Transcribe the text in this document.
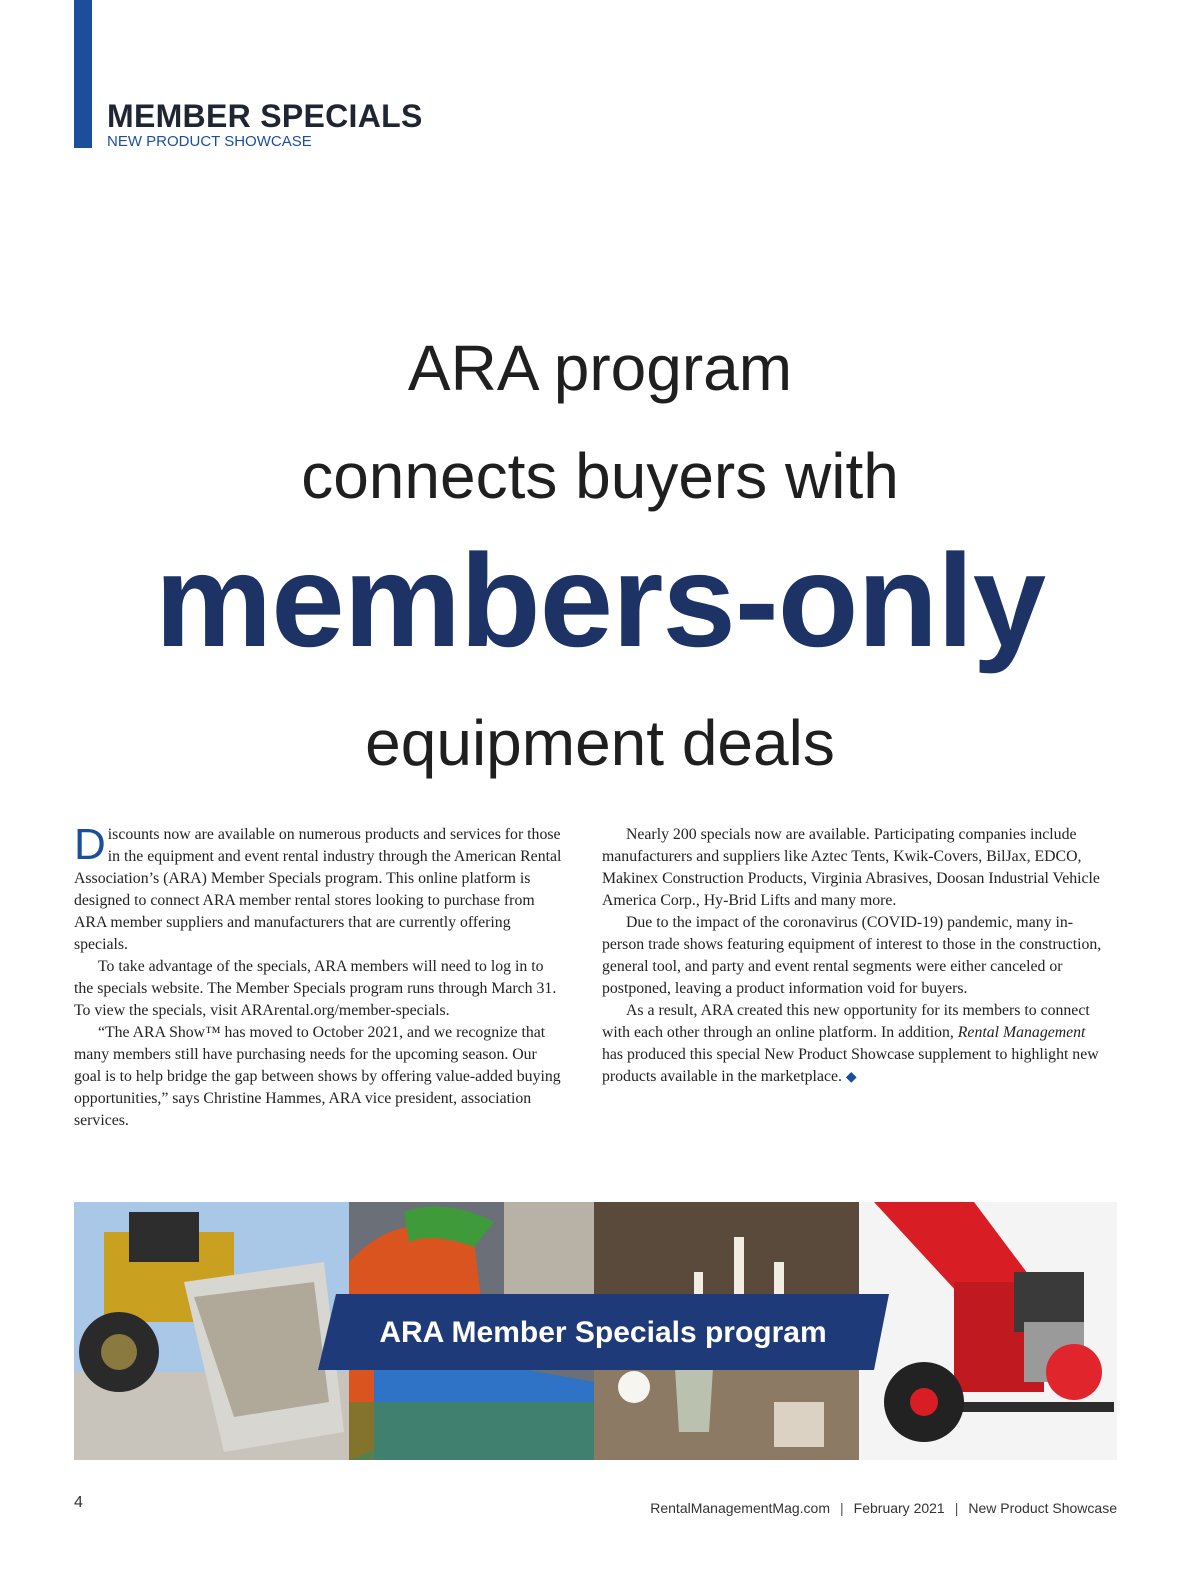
MEMBER SPECIALS
NEW PRODUCT SHOWCASE
ARA program
connects buyers with
members-only
equipment deals

Discounts now are available on numerous products and services for those in the equipment and event rental industry through the American Rental Association’s (ARA) Member Specials program. This online platform is designed to connect ARA member rental stores looking to purchase from ARA member suppliers and manufacturers that are currently offering specials.

To take advantage of the specials, ARA members will need to log in to the specials website. The Member Specials program runs through March 31. To view the specials, visit ARArental.org/member-specials.

“The ARA Show™ has moved to October 2021, and we recognize that many members still have purchasing needs for the upcoming season. Our goal is to help bridge the gap between shows by offering value-added buying opportunities,” says Christine Hammes, ARA vice president, association services.

Nearly 200 specials now are available. Participating companies include manufacturers and suppliers like Aztec Tents, Kwik-Covers, BilJax, EDCO, Makinex Construction Products, Virginia Abrasives, Doosan Industrial Vehicle America Corp., Hy-Brid Lifts and many more.

Due to the impact of the coronavirus (COVID-19) pandemic, many in-person trade shows featuring equipment of interest to those in the construction, general tool, and party and event rental segments were either canceled or postponed, leaving a product information void for buyers.

As a result, ARA created this new opportunity for its members to connect with each other through an online platform. In addition, Rental Management has produced this special New Product Showcase supplement to highlight new products available in the marketplace. ◆

ARA Member Specials program
4	RentalManagementMag.com | February 2021 | New Product Showcase
